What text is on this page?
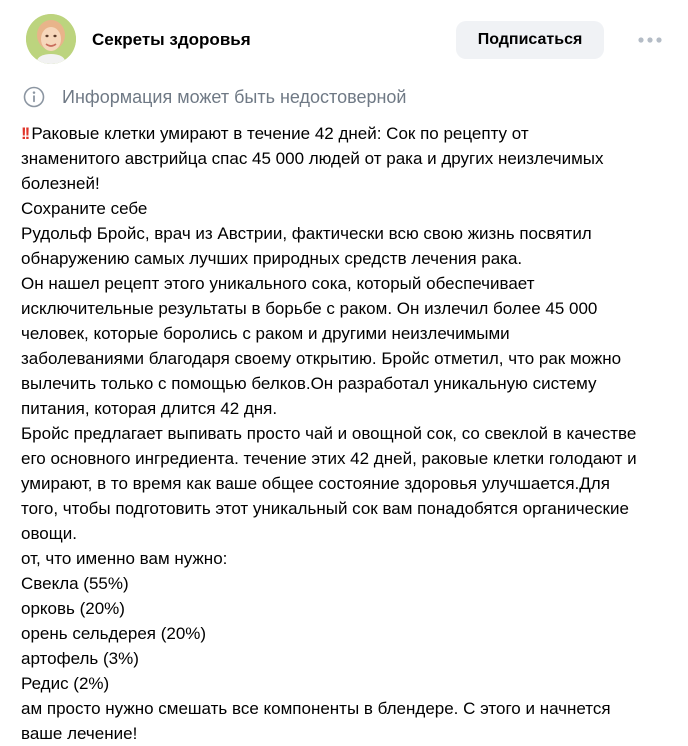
Секреты здоровья	Подписаться
Информация может быть недостоверной
!! Раковые клетки умирают в течение 42 дней: Сок по рецепту от
знаменитого австрийца спас 45 000 людей от рака и других неизлечимых
болезней!
Сохраните себе
Рудольф Бройс, врач из Австрии, фактически всю свою жизнь посвятил
обнаружению самых лучших природных средств лечения рака.
Он нашел рецепт этого уникального сока, который обеспечивает
исключительные результаты в борьбе с раком. Он излечил более 45 000
человек, которые боролись с раком и другими неизлечимыми
заболеваниями благодаря своему открытию. Бройс отметил, что рак можно
вылечить только с помощью белков.Он разработал уникальную систему
питания, которая длится 42 дня.
Бройс предлагает выпивать просто чай и овощной сок, со свеклой в качестве
его основного ингредиента. течение этих 42 дней, раковые клетки голодают и
умирают, в то время как ваше общее состояние здоровья улучшается.Для
того, чтобы подготовить этот уникальный сок вам понадобятся органические
овощи.
от, что именно вам нужно:
Свекла (55%)
орковь (20%)
орень сельдерея (20%)
артофель (3%)
Редис (2%)
ам просто нужно смешать все компоненты в блендере. С этого и начнется
ваше лечение!
